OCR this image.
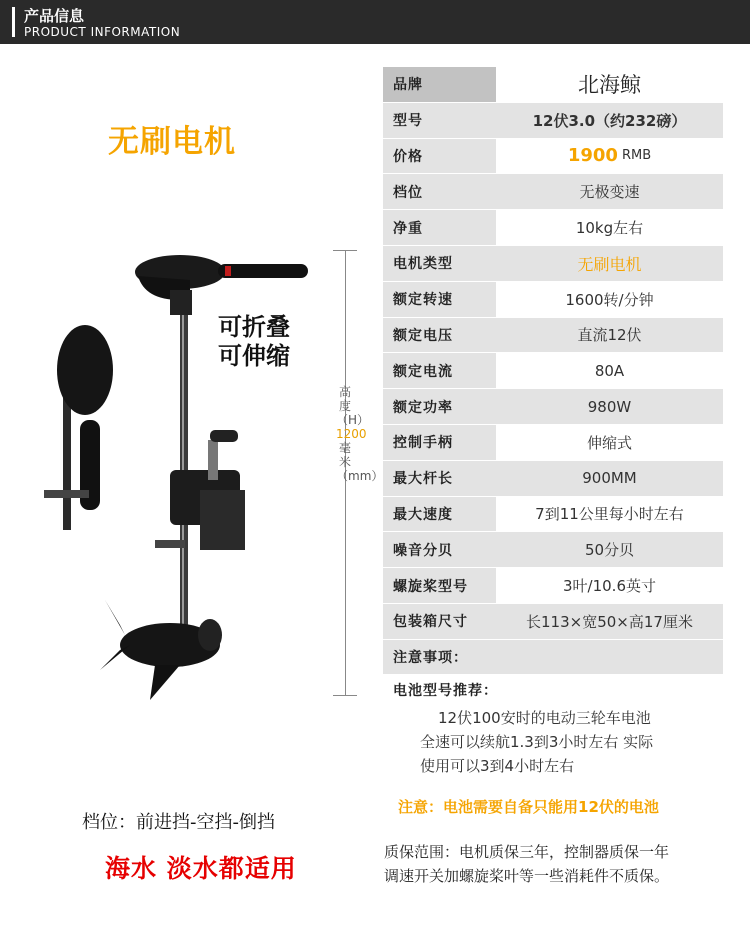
产品信息
PRODUCT INFORMATION
无刷电机
可折叠
可伸缩
高度（H）1200毫米（mm）
档位：前进挡-空挡-倒挡
海水 淡水都适用
品牌	北海鲸
型号	12伏3.0（约232磅）
价格	1900 RMB
档位	无极变速
净重	10kg左右
电机类型	无刷电机
额定转速	1600转/分钟
额定电压	直流12伏
额定电流	80A
额定功率	980W
控制手柄	伸缩式
最大杆长	900MM
最大速度	7到11公里每小时左右
噪音分贝	50分贝
螺旋桨型号	3叶/10.6英寸
包装箱尺寸	长113×宽50×高17厘米
注意事项：
电池型号推荐：
12伏100安时的电动三轮车电池
全速可以续航1.3到3小时左右 实际
使用可以3到4小时左右
注意：电池需要自备只能用12伏的电池
质保范围：电机质保三年，控制器质保一年
调速开关加螺旋桨叶等一些消耗件不质保。
